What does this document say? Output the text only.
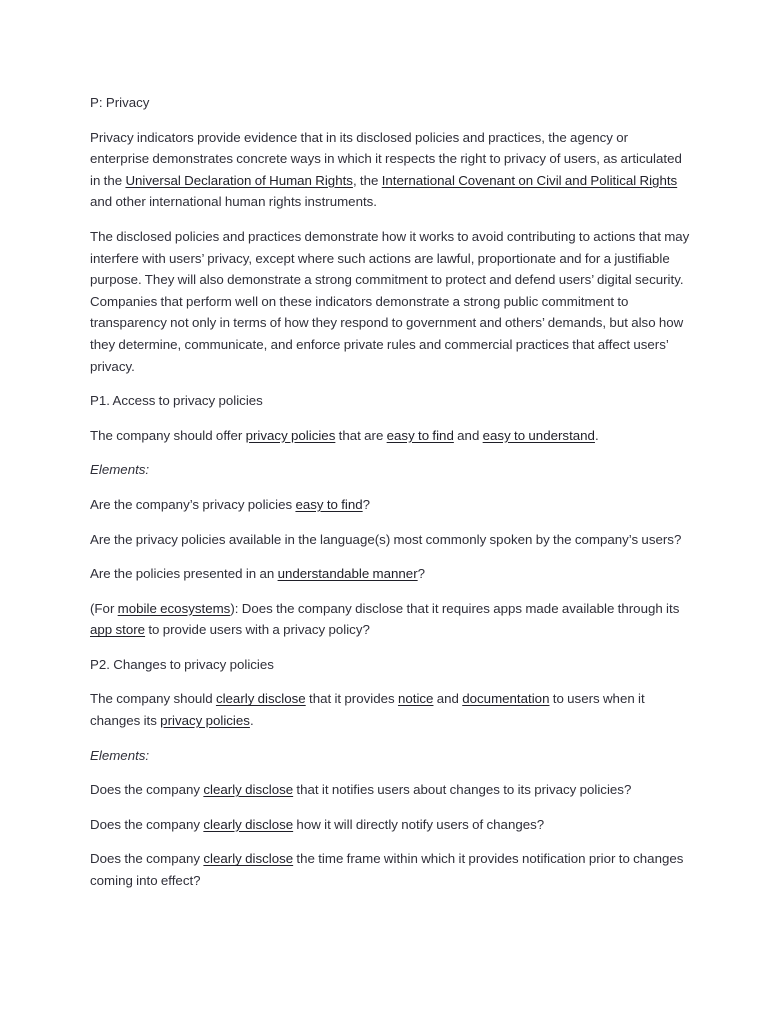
P: Privacy

Privacy indicators provide evidence that in its disclosed policies and practices, the agency or enterprise demonstrates concrete ways in which it respects the right to privacy of users, as articulated in the Universal Declaration of Human Rights, the International Covenant on Civil and Political Rights and other international human rights instruments.

The disclosed policies and practices demonstrate how it works to avoid contributing to actions that may interfere with users’ privacy, except where such actions are lawful, proportionate and for a justifiable purpose. They will also demonstrate a strong commitment to protect and defend users’ digital security. Companies that perform well on these indicators demonstrate a strong public commitment to transparency not only in terms of how they respond to government and others’ demands, but also how they determine, communicate, and enforce private rules and commercial practices that affect users’ privacy.

P1. Access to privacy policies

The company should offer privacy policies that are easy to find and easy to understand.

Elements:

Are the company’s privacy policies easy to find?

Are the privacy policies available in the language(s) most commonly spoken by the company’s users?

Are the policies presented in an understandable manner?

(For mobile ecosystems): Does the company disclose that it requires apps made available through its app store to provide users with a privacy policy?

P2. Changes to privacy policies

The company should clearly disclose that it provides notice and documentation to users when it changes its privacy policies.

Elements:

Does the company clearly disclose that it notifies users about changes to its privacy policies?

Does the company clearly disclose how it will directly notify users of changes?

Does the company clearly disclose the time frame within which it provides notification prior to changes coming into effect?
